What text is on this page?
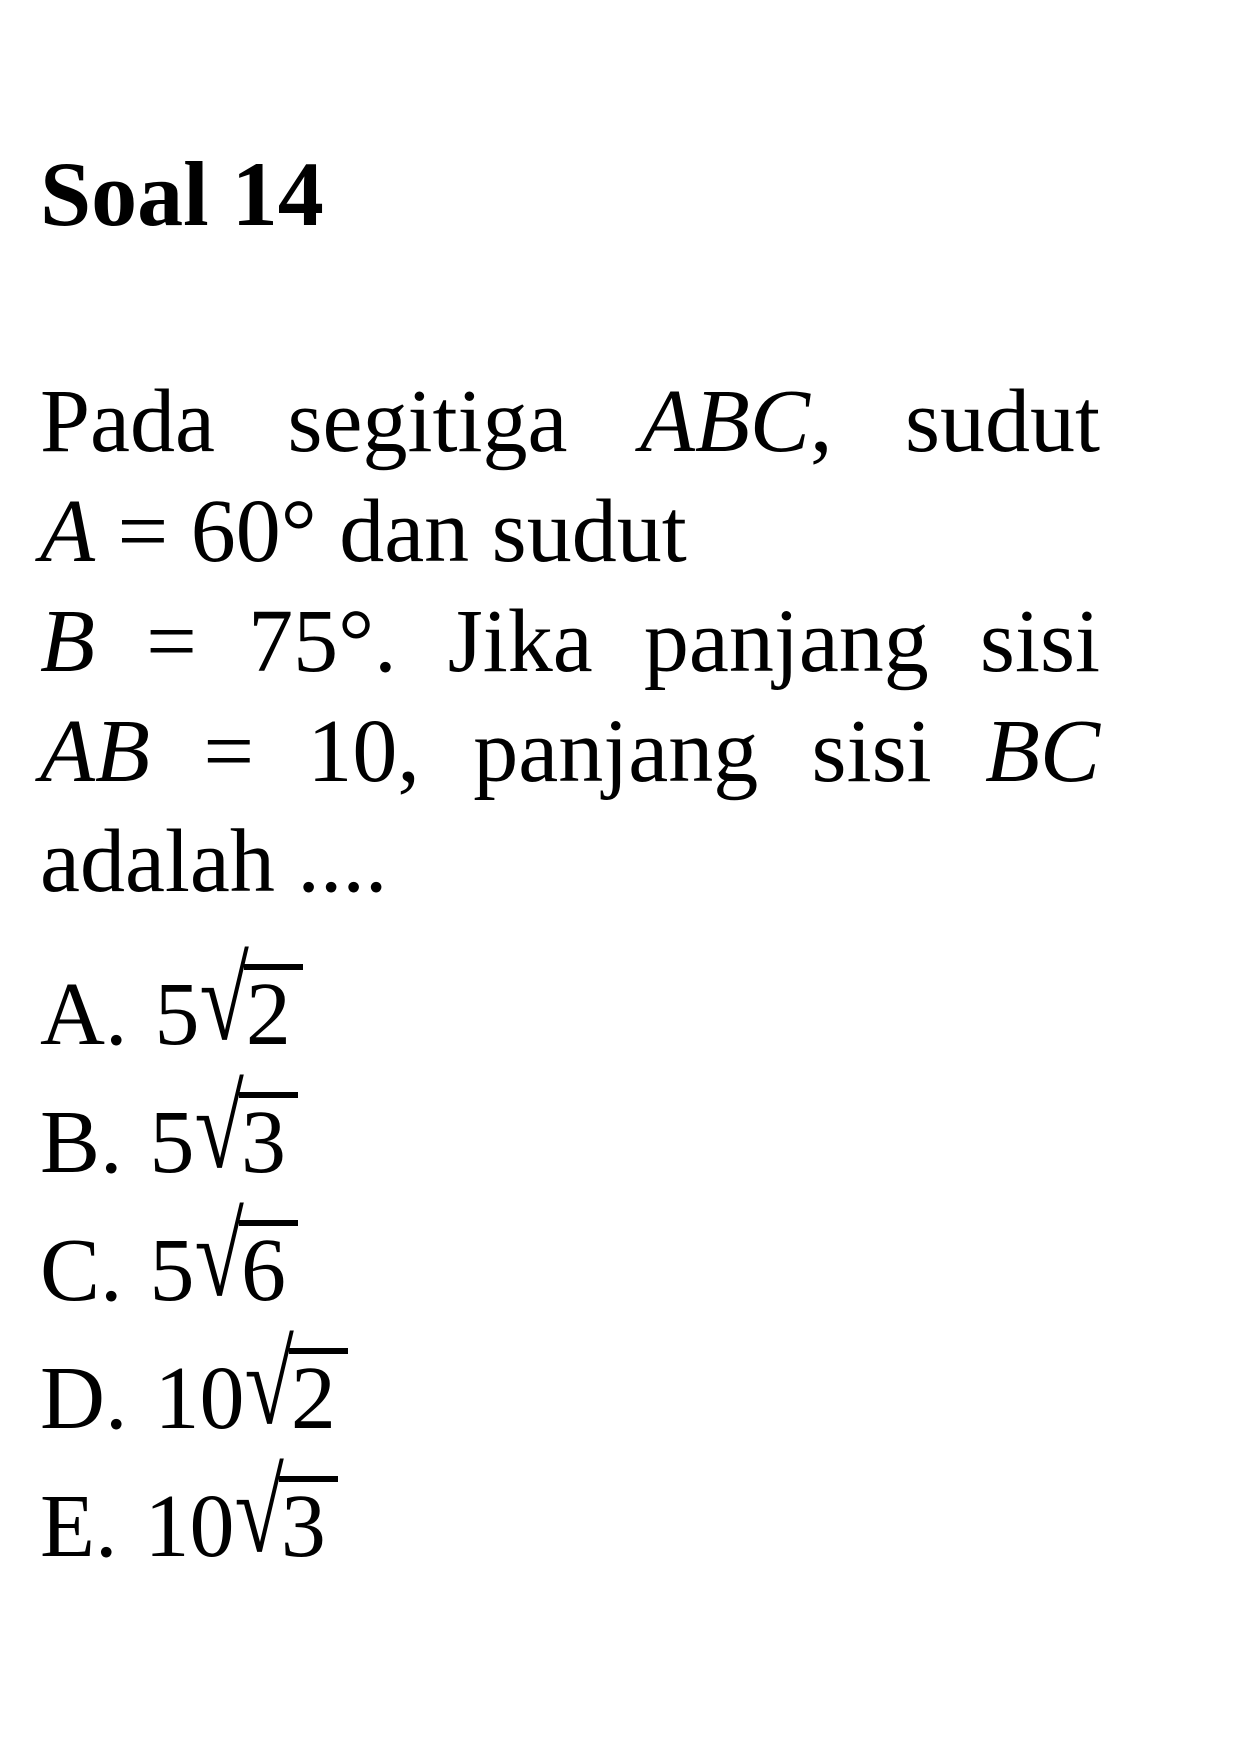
Soal 14
Pada segitiga ABC, sudut
A = 60° dan sudut
B = 75°. Jika panjang sisi
AB = 10, panjang sisi BC
adalah ....
A. 5√2
B. 5√3
C. 5√6
D. 10√2
E. 10√3
